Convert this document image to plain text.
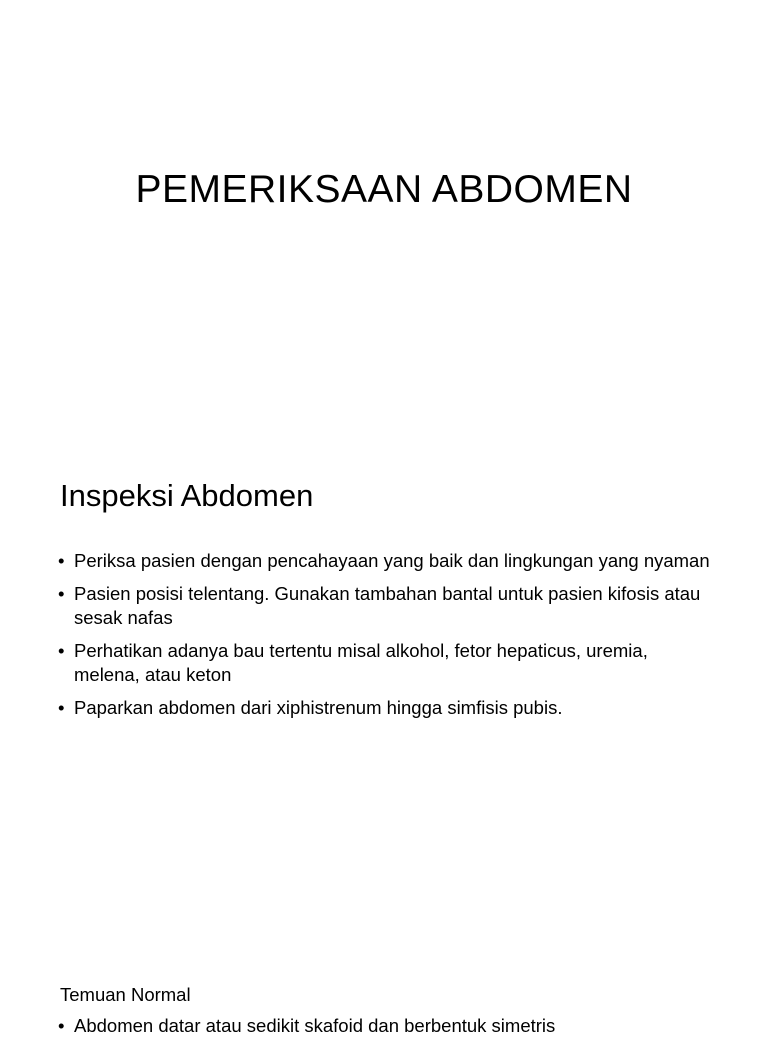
PEMERIKSAAN ABDOMEN
Inspeksi Abdomen
• Periksa pasien dengan pencahayaan yang baik dan lingkungan yang nyaman
• Pasien posisi telentang. Gunakan tambahan bantal untuk pasien kifosis atau sesak nafas
• Perhatikan adanya bau tertentu misal alkohol, fetor hepaticus, uremia, melena, atau keton
• Paparkan abdomen dari xiphistrenum hingga simfisis pubis.

Temuan Normal

• Abdomen datar atau sedikit skafoid dan berbentuk simetris
